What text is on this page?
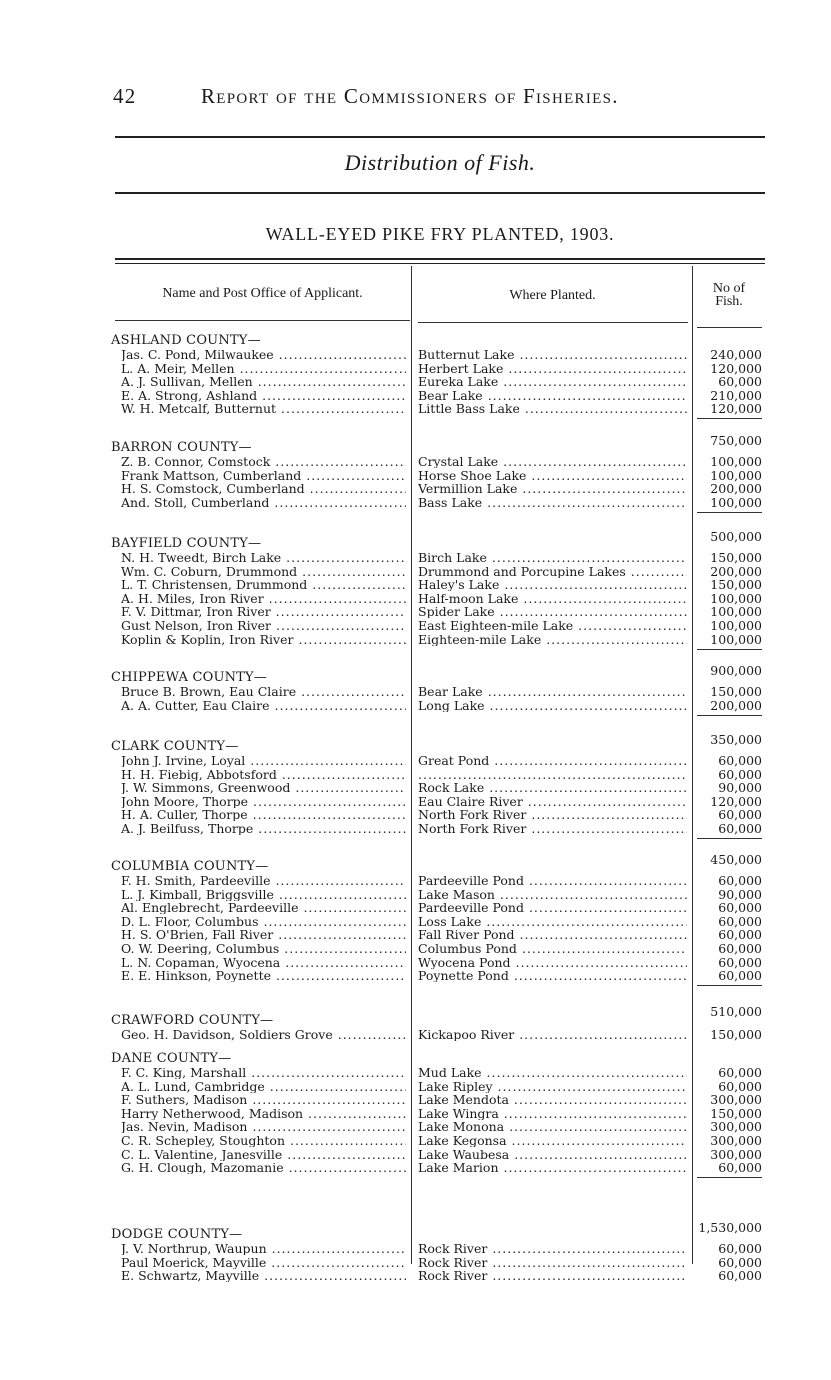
42	Report of the Commissioners of Fisheries.
Distribution of Fish.
WALL-EYED PIKE FRY PLANTED, 1903.
Name and Post Office of Applicant.	Where Planted.	No of
Fish.
ASHLAND COUNTY—
Jas. C. Pond, Milwaukee .....	Butternut Lake .....	240,000
L. A. Meir, Mellen .....	Herbert Lake .....	120,000
A. J. Sullivan, Mellen .....	Eureka Lake .....	60,000
E. A. Strong, Ashland .....	Bear Lake .....	210,000
W. H. Metcalf, Butternut .....	Little Bass Lake .....	120,000
750,000
BARRON COUNTY—
Z. B. Connor, Comstock .....	Crystal Lake .....	100,000
Frank Mattson, Cumberland .....	Horse Shoe Lake .....	100,000
H. S. Comstock, Cumberland .....	Vermillion Lake .....	200,000
And. Stoll, Cumberland .....	Bass Lake .....	100,000
500,000
BAYFIELD COUNTY—
N. H. Tweedt, Birch Lake .....	Birch Lake .....	150,000
Wm. C. Coburn, Drummond .....	Drummond and Porcupine Lakes .....	200,000
L. T. Christensen, Drummond .....	Haley's Lake .....	150,000
A. H. Miles, Iron River .....	Half-moon Lake .....	100,000
F. V. Dittmar, Iron River .....	Spider Lake .....	100,000
Gust Nelson, Iron River .....	East Eighteen-mile Lake .....	100,000
Koplin & Koplin, Iron River .....	Eighteen-mile Lake .....	100,000
900,000
CHIPPEWA COUNTY—
Bruce B. Brown, Eau Claire .....	Bear Lake .....	150,000
A. A. Cutter, Eau Claire .....	Long Lake .....	200,000
350,000
CLARK COUNTY—
John J. Irvine, Loyal .....	Great Pond .....	60,000
H. H. Fiebig, Abbotsford .....
.....	60,000
J. W. Simmons, Greenwood .....	Rock Lake .....	90,000
John Moore, Thorpe .....	Eau Claire River .....	120,000
H. A. Culler, Thorpe .....	North Fork River .....	60,000
A. J. Beilfuss, Thorpe .....	North Fork River .....	60,000
450,000
COLUMBIA COUNTY—
F. H. Smith, Pardeeville .....	Pardeeville Pond .....	60,000
L. J. Kimball, Briggsville .....	Lake Mason .....	90,000
Al. Englebrecht, Pardeeville .....	Pardeeville Pond .....	60,000
D. L. Floor, Columbus .....	Loss Lake .....	60,000
H. S. O'Brien, Fall River .....	Fall River Pond .....	60,000
O. W. Deering, Columbus .....	Columbus Pond .....	60,000
L. N. Copaman, Wyocena .....	Wyocena Pond .....	60,000
E. E. Hinkson, Poynette .....	Poynette Pond .....	60,000
510,000
CRAWFORD COUNTY—
Geo. H. Davidson, Soldiers Grove .....	Kickapoo River .....	150,000
DANE COUNTY—
F. C. King, Marshall .....	Mud Lake .....	60,000
A. L. Lund, Cambridge .....	Lake Ripley .....	60,000
F. Suthers, Madison .....	Lake Mendota .....	300,000
Harry Netherwood, Madison .....	Lake Wingra .....	150,000
Jas. Nevin, Madison .....	Lake Monona .....	300,000
C. R. Schepley, Stoughton .....	Lake Kegonsa .....	300,000
C. L. Valentine, Janesville .....	Lake Waubesa .....	300,000
G. H. Clough, Mazomanie .....	Lake Marion .....	60,000
1,530,000
DODGE COUNTY—
J. V. Northrup, Waupun .....	Rock River .....	60,000
Paul Moerick, Mayville .....	Rock River .....	60,000
E. Schwartz, Mayville .....	Rock River .....	60,000
